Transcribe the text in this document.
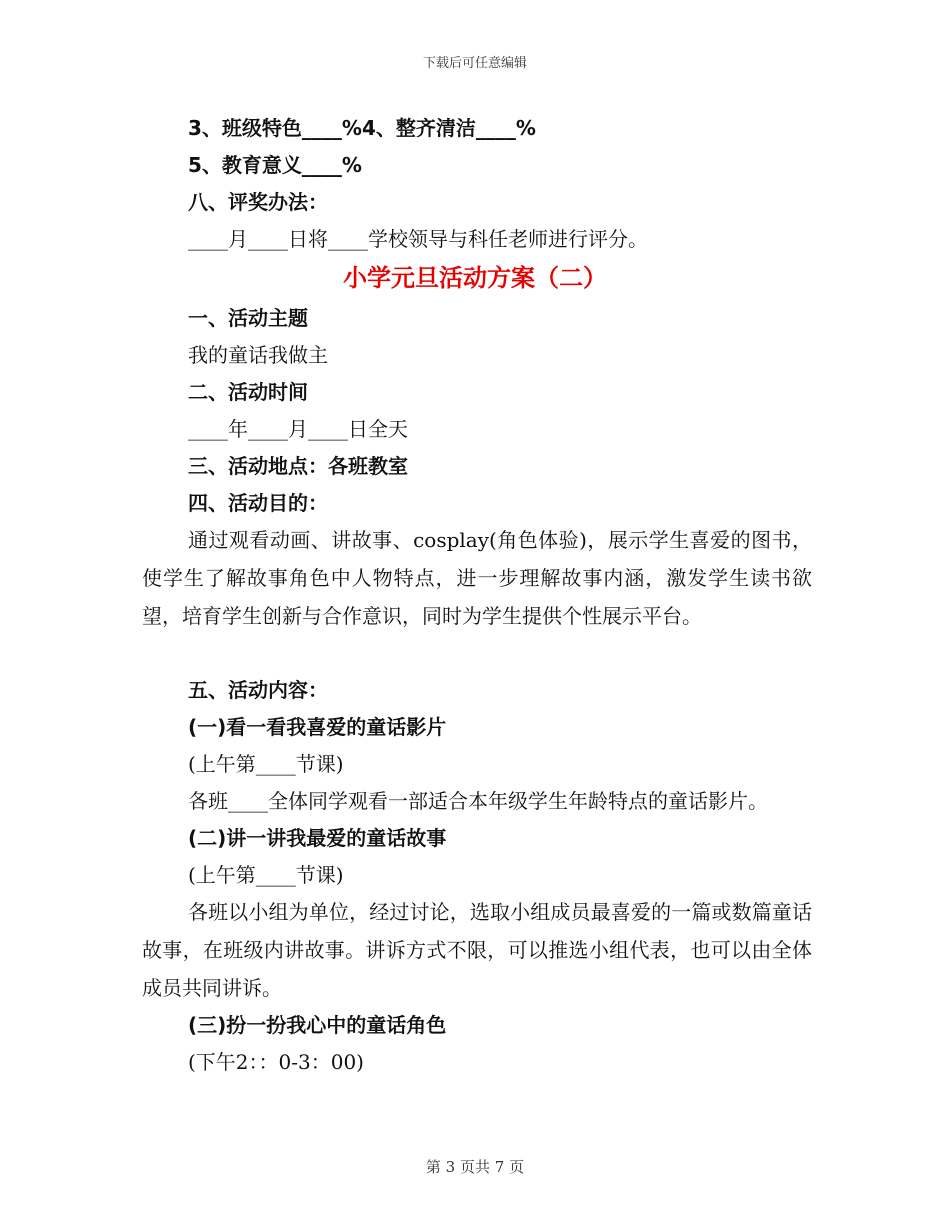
下载后可任意编辑
3、班级特色____%4、整齐清洁____%
5、教育意义____%
八、评奖办法：
____月____日将____学校领导与科任老师进行评分。
小学元旦活动方案（二）
一、活动主题
我的童话我做主
二、活动时间
____年____月____日全天
三、活动地点：各班教室
四、活动目的：
通过观看动画、讲故事、cosplay(角色体验)，展示学生喜爱的图书，使学生了解故事角色中人物特点，进一步理解故事内涵，激发学生读书欲望，培育学生创新与合作意识，同时为学生提供个性展示平台。
五、活动内容：
(一)看一看我喜爱的童话影片
(上午第____节课)
各班____全体同学观看一部适合本年级学生年龄特点的童话影片。
(二)讲一讲我最爱的童话故事
(上午第____节课)
各班以小组为单位，经过讨论，选取小组成员最喜爱的一篇或数篇童话故事，在班级内讲故事。讲诉方式不限，可以推选小组代表，也可以由全体成员共同讲诉。
(三)扮一扮我心中的童话角色
(下午2：：0-3：00)
第 3 页共 7 页
